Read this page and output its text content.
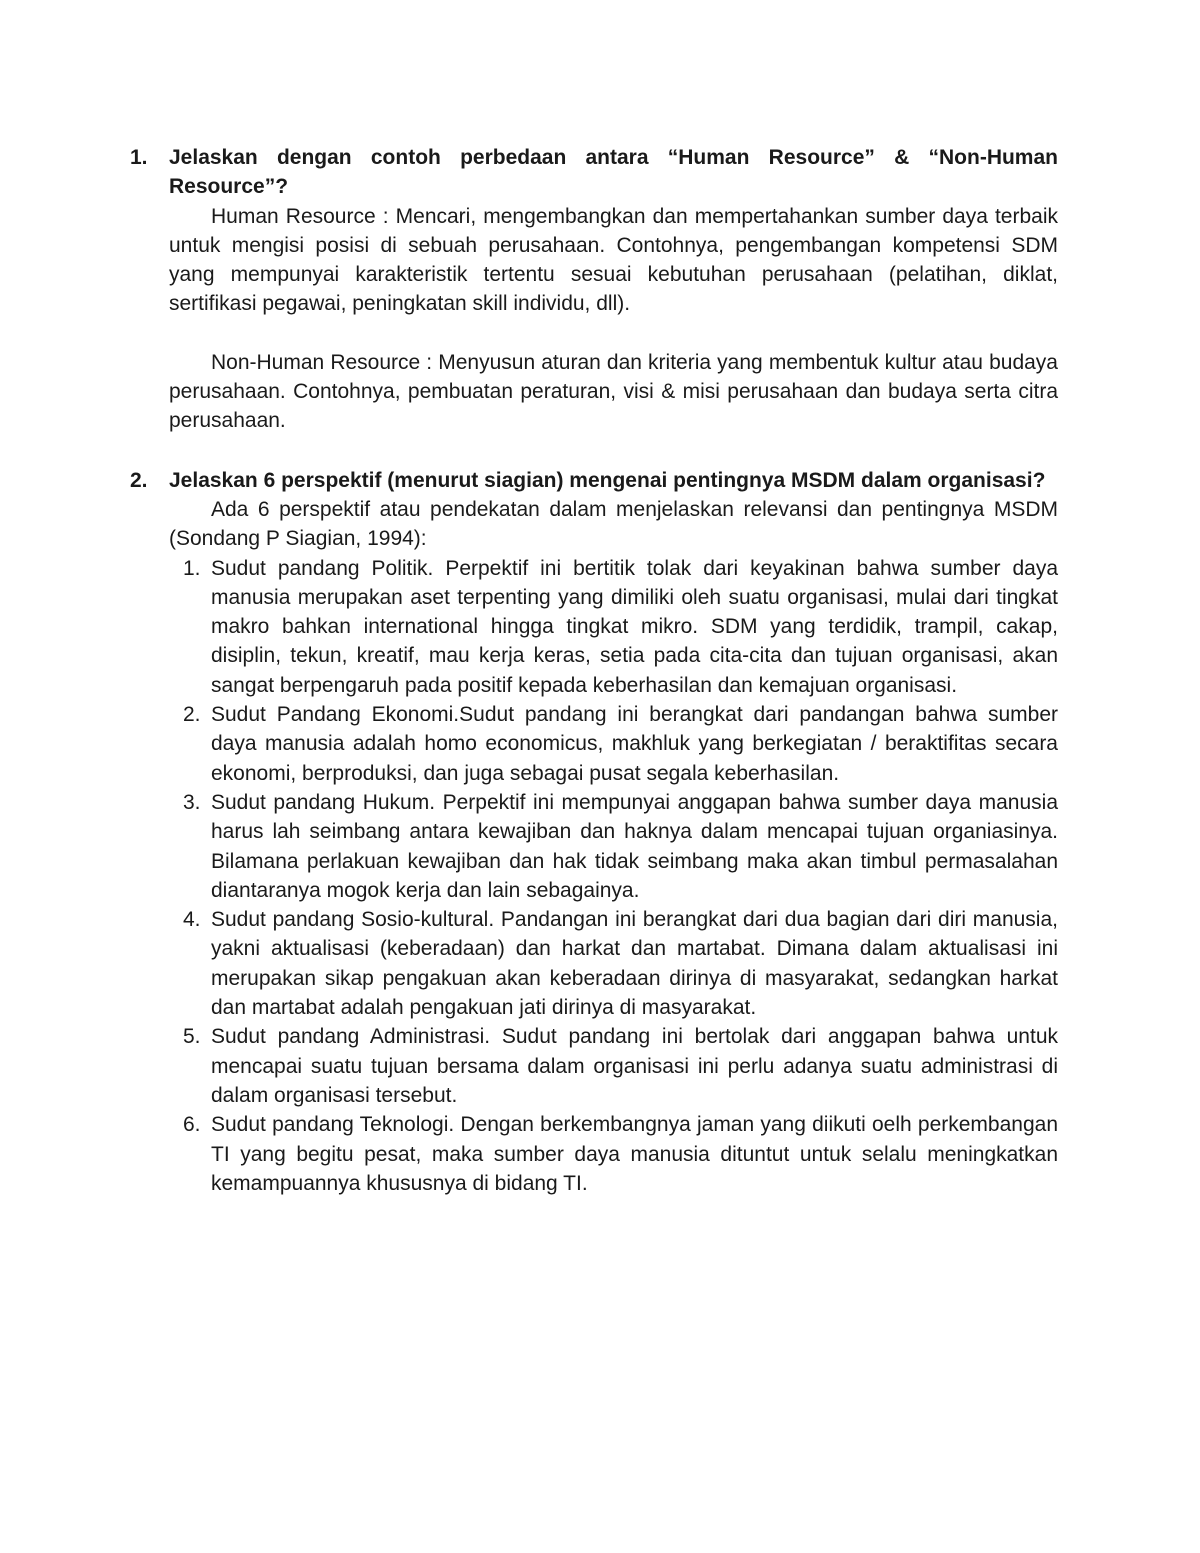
1. Jelaskan dengan contoh perbedaan antara “Human Resource” & “Non-Human Resource”?

Human Resource : Mencari, mengembangkan dan mempertahankan sumber daya terbaik untuk mengisi posisi di sebuah perusahaan. Contohnya, pengembangan kompetensi SDM yang mempunyai karakteristik tertentu sesuai kebutuhan perusahaan (pelatihan, diklat, sertifikasi pegawai, peningkatan skill individu, dll).

Non-Human Resource : Menyusun aturan dan kriteria yang membentuk kultur atau budaya perusahaan. Contohnya, pembuatan peraturan, visi & misi perusahaan dan budaya serta citra perusahaan.

2. Jelaskan 6 perspektif (menurut siagian) mengenai pentingnya MSDM dalam organisasi?

Ada 6 perspektif atau pendekatan dalam menjelaskan relevansi dan pentingnya MSDM (Sondang P Siagian, 1994):

1. Sudut pandang Politik. Perpektif ini bertitik tolak dari keyakinan bahwa sumber daya manusia merupakan aset terpenting yang dimiliki oleh suatu organisasi, mulai dari tingkat makro bahkan international hingga tingkat mikro. SDM yang terdidik, trampil, cakap, disiplin, tekun, kreatif, mau kerja keras, setia pada cita-cita dan tujuan organisasi, akan sangat berpengaruh pada positif kepada keberhasilan dan kemajuan organisasi.
2. Sudut Pandang Ekonomi.Sudut pandang ini berangkat dari pandangan bahwa sumber daya manusia adalah homo economicus, makhluk yang berkegiatan / beraktifitas secara ekonomi, berproduksi, dan juga sebagai pusat segala keberhasilan.
3. Sudut pandang Hukum. Perpektif ini mempunyai anggapan bahwa sumber daya manusia harus lah seimbang antara kewajiban dan haknya dalam mencapai tujuan organiasinya. Bilamana perlakuan kewajiban dan hak tidak seimbang maka akan timbul permasalahan diantaranya mogok kerja dan lain sebagainya.
4. Sudut pandang Sosio-kultural. Pandangan ini berangkat dari dua bagian dari diri manusia, yakni aktualisasi (keberadaan) dan harkat dan martabat. Dimana dalam aktualisasi ini merupakan sikap pengakuan akan keberadaan dirinya di masyarakat, sedangkan harkat dan martabat adalah pengakuan jati dirinya di masyarakat.
5. Sudut pandang Administrasi. Sudut pandang ini bertolak dari anggapan bahwa untuk mencapai suatu tujuan bersama dalam organisasi ini perlu adanya suatu administrasi di dalam organisasi tersebut.
6. Sudut pandang Teknologi. Dengan berkembangnya jaman yang diikuti oelh perkembangan TI yang begitu pesat, maka sumber daya manusia dituntut untuk selalu meningkatkan kemampuannya khususnya di bidang TI.
